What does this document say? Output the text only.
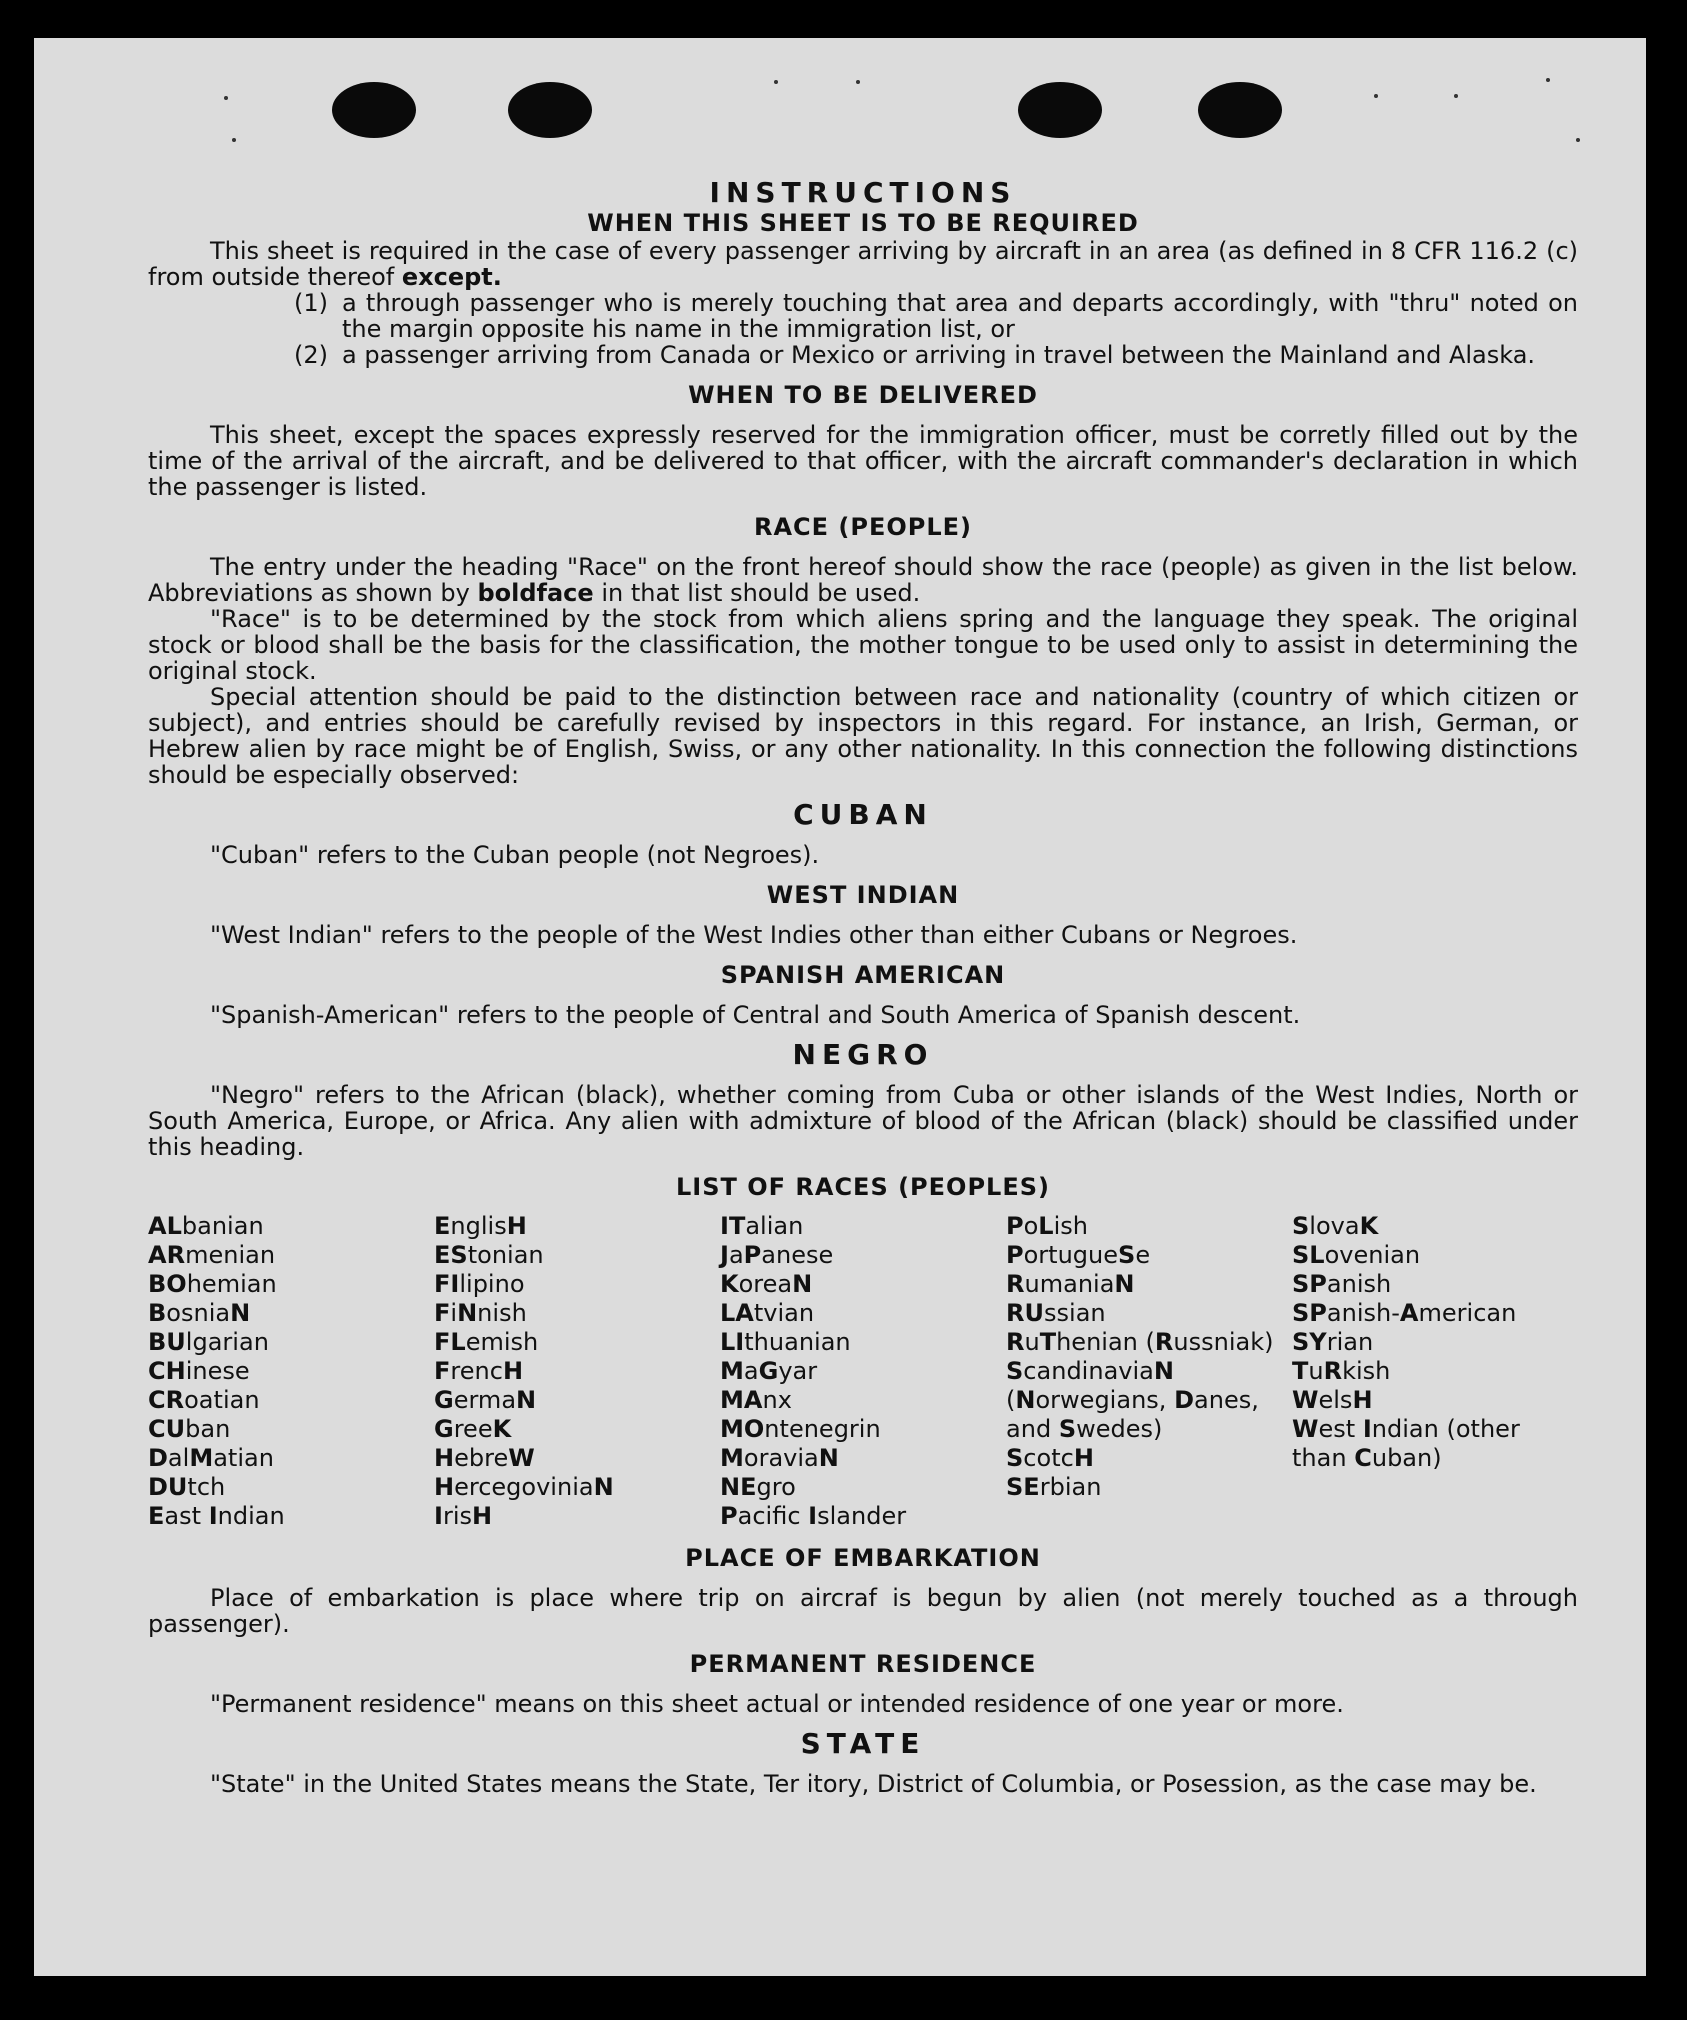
INSTRUCTIONS

WHEN THIS SHEET IS TO BE REQUIRED

This sheet is required in the case of every passenger arriving by aircraft in an area (as defined in 8 CFR 116.2 (c) from outside thereof except.

(1) a through passenger who is merely touching that area and departs accordingly, with "thru" noted on the margin opposite his name in the immigration list, or
(2) a passenger arriving from Canada or Mexico or arriving in travel between the Mainland and Alaska.

WHEN TO BE DELIVERED

This sheet, except the spaces expressly reserved for the immigration officer, must be corretly filled out by the time of the arrival of the aircraft, and be delivered to that officer, with the aircraft commander's declaration in which the passenger is listed.

RACE (PEOPLE)

The entry under the heading "Race" on the front hereof should show the race (people) as given in the list below. Abbreviations as shown by boldface in that list should be used.

"Race" is to be determined by the stock from which aliens spring and the language they speak. The original stock or blood shall be the basis for the classification, the mother tongue to be used only to assist in determining the original stock.

Special attention should be paid to the distinction between race and nationality (country of which citizen or subject), and entries should be carefully revised by inspectors in this regard. For instance, an Irish, German, or Hebrew alien by race might be of English, Swiss, or any other nationality. In this connection the following distinctions should be especially observed:

CUBAN

"Cuban" refers to the Cuban people (not Negroes).

WEST INDIAN

"West Indian" refers to the people of the West Indies other than either Cubans or Negroes.

SPANISH AMERICAN

"Spanish-American" refers to the people of Central and South America of Spanish descent.

NEGRO

"Negro" refers to the African (black), whether coming from Cuba or other islands of the West Indies, North or South America, Europe, or Africa. Any alien with admixture of blood of the African (black) should be classified under this heading.

LIST OF RACES (PEOPLES)

ALbanian

ARmenian

BOhemian

BosniaN

BUlgarian

CHinese

CRoatian

CUban

DalMatian

DUtch

East Indian

EnglisH

EStonian

FIlipino

FiNnish

FLemish

FrencH

GermaN

GreeK

HebreW

HercegoviniaN

IrisH

ITalian

JaPanese

KoreaN

LAtvian

LIthuanian

MaGyar

MAnx

MOntenegrin

MoraviaN

NEgro

Pacifc Islander

PoLish

PortugueSe

RumaniaN

RUssian

RuThenian (Russniak)

ScandinaviaN (Norwegians, Danes, and Swedes)

ScotcH

SErbian

SlovaK

SLovenian

SPanish

SPanish-American

SYrian

TuRkish

WelsH

West Indian (other than Cuban)

PLACE OF EMBARKATION

Place of embarkation is place where trip on aircraf is begun by alien (not merely touched as a through passenger).

PERMANENT RESIDENCE

"Permanent residence" means on this sheet actual or intended residence of one year or more.

STATE

"State" in the United States means the State, Ter itory, District of Columbia, or Posession, as the case may be.
